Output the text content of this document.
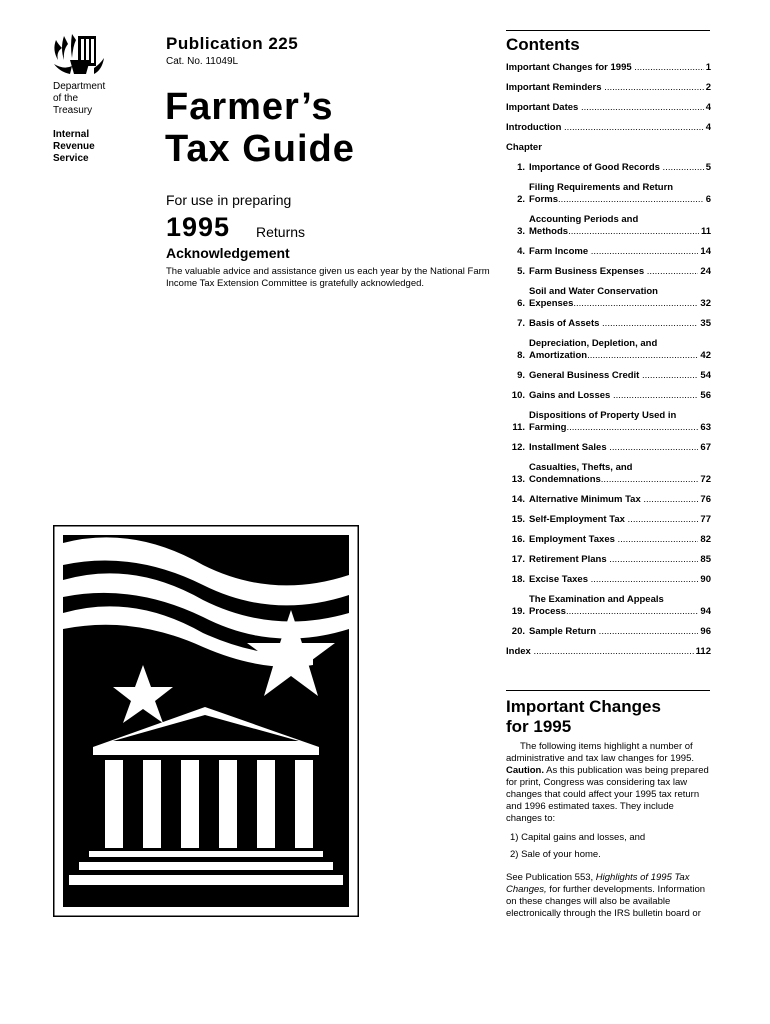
Department
of the
Treasury
Internal
Revenue
Service
Publication 225
Cat. No. 11049L
Farmer’s
Tax Guide
For use in preparing
1995 Returns
Acknowledgement
The valuable advice and assistance given us each year by the National Farm Income Tax Extension Committee is gratefully acknowledged.
Contents
Important Changes for 1995 .....	1
Important Reminders .....	2
Important Dates .....	4
Introduction .....	4
Chapter
1. Importance of Good Records .....	5
2.
Filing Requirements and Return
Forms .....	6
3.
Accounting Periods and
Methods .....	11
4. Farm Income .....	14
5. Farm Business Expenses .....	24
6.
Soil and Water Conservation
Expenses .....	32
7. Basis of Assets .....	35
8.
Depreciation, Depletion, and
Amortization .....	42
9. General Business Credit .....	54
10. Gains and Losses .....	56
11.
Dispositions of Property Used in
Farming .....	63
12. Installment Sales .....	67
13.
Casualties, Thefts, and
Condemnations .....	72
14. Alternative Minimum Tax .....	76
15. Self-Employment Tax .....	77
16. Employment Taxes .....	82
17. Retirement Plans .....	85
18. Excise Taxes .....	90
19.
The Examination and Appeals
Process .....	94
20. Sample Return .....	96
Index .....	112
Important Changes
for 1995
The following items highlight a number of administrative and tax law changes for 1995. Caution. As this publication was being prepared for print, Congress was considering tax law changes that could affect your 1995 tax return and 1996 estimated taxes. They include changes to:
1) Capital gains and losses, and
2) Sale of your home.
See Publication 553, Highlights of 1995 Tax Changes, for further developments. Information on these changes will also be available electronically through the IRS bulletin board or
